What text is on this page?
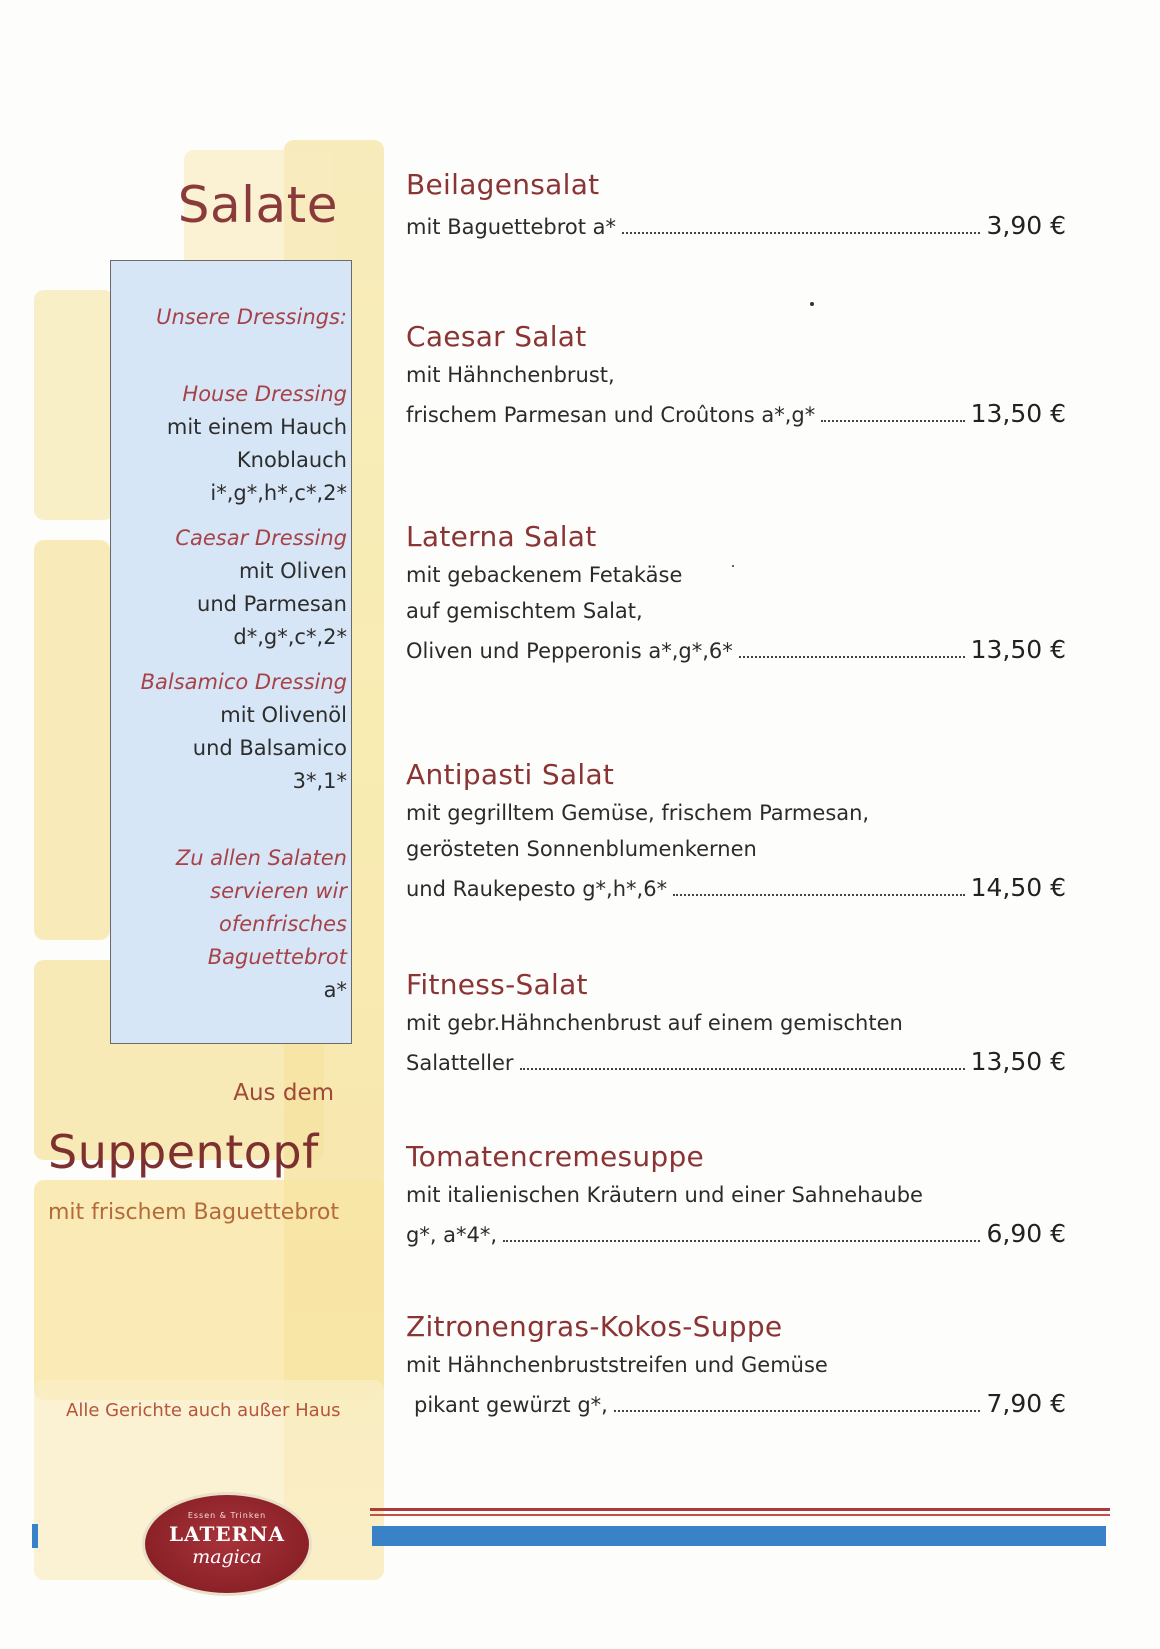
Salate
Unsere Dressings:
House Dressing
mit einem Hauch
Knoblauch
i*,g*,h*,c*,2*
Caesar Dressing
mit Oliven
und Parmesan
d*,g*,c*,2*
Balsamico Dressing
mit Olivenöl
und Balsamico
3*,1*
Zu allen Salaten
servieren wir
ofenfrisches
Baguettebrot
a*
Aus dem
Suppentopf
mit frischem Baguettebrot
Alle Gerichte auch außer Haus
Essen & Trinken
LATERNA
magica
Beilagensalat
mit Baguettebrot a*	3,90 €
Caesar Salat
mit Hähnchenbrust,
frischem Parmesan und Croûtons a*,g*	13,50 €
Laterna Salat
mit gebackenem Fetakäse
auf gemischtem Salat,
Oliven und Pepperonis a*,g*,6*	13,50 €
Antipasti Salat
mit gegrilltem Gemüse, frischem Parmesan,
gerösteten Sonnenblumenkernen
und Raukepesto g*,h*,6*	14,50 €
Fitness-Salat
mit gebr.Hähnchenbrust auf einem gemischten
Salatteller	13,50 €
Tomatencremesuppe
mit italienischen Kräutern und einer Sahnehaube
g*, a*4*,	6,90 €
Zitronengras-Kokos-Suppe
mit Hähnchenbruststreifen und Gemüse
pikant gewürzt g*,	7,90 €
